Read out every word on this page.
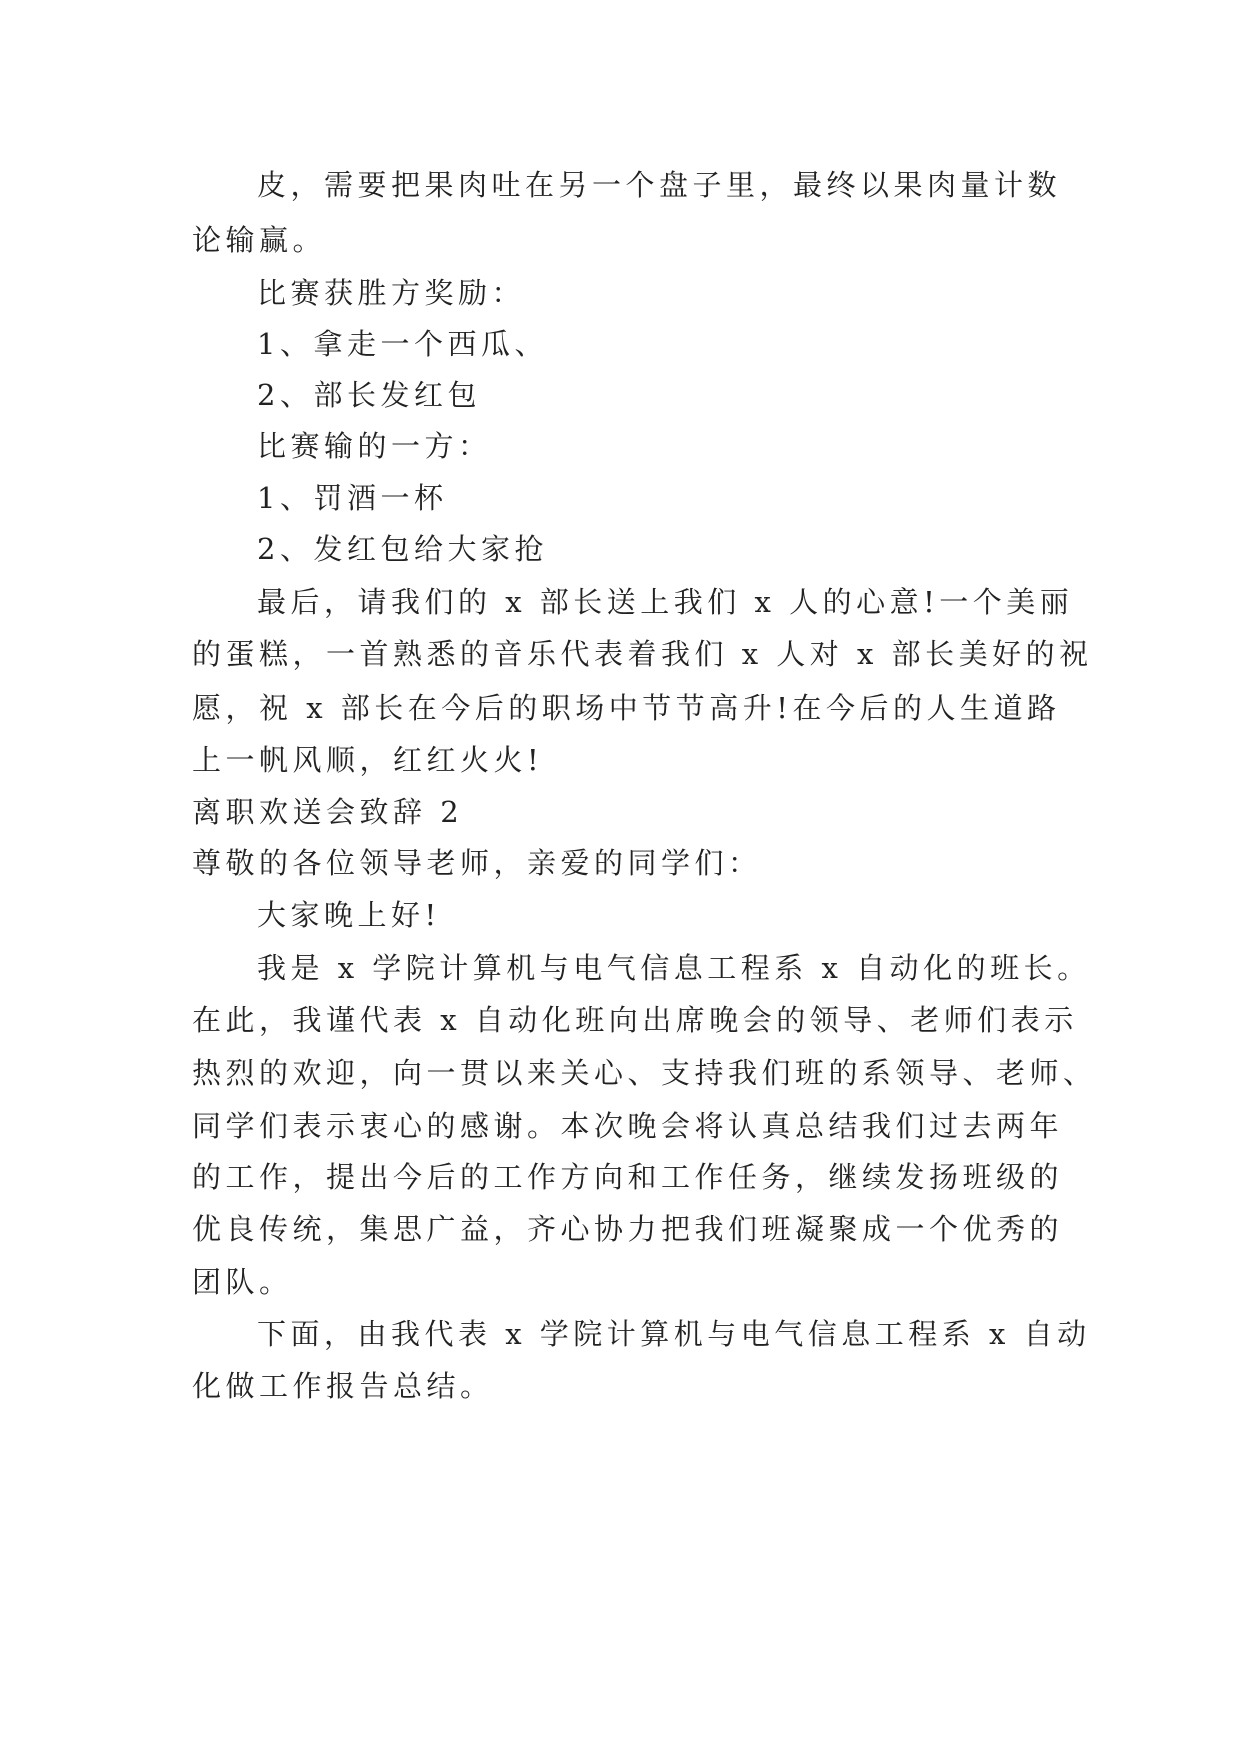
皮，需要把果肉吐在另一个盘子里，最终以果肉量计数
论输赢。
比赛获胜方奖励：
1、拿走一个西瓜、
2、部长发红包
比赛输的一方：
1、罚酒一杯
2、发红包给大家抢
最后，请我们的 x 部长送上我们 x 人的心意!一个美丽
的蛋糕，一首熟悉的音乐代表着我们 x 人对 x 部长美好的祝
愿，祝 x 部长在今后的职场中节节高升!在今后的人生道路
上一帆风顺，红红火火!
离职欢送会致辞 2
尊敬的各位领导老师，亲爱的同学们：
大家晚上好!
我是 x 学院计算机与电气信息工程系 x 自动化的班长。
在此，我谨代表 x 自动化班向出席晚会的领导、老师们表示
热烈的欢迎，向一贯以来关心、支持我们班的系领导、老师、
同学们表示衷心的感谢。本次晚会将认真总结我们过去两年
的工作，提出今后的工作方向和工作任务，继续发扬班级的
优良传统，集思广益，齐心协力把我们班凝聚成一个优秀的
团队。
下面，由我代表 x 学院计算机与电气信息工程系 x 自动
化做工作报告总结。
